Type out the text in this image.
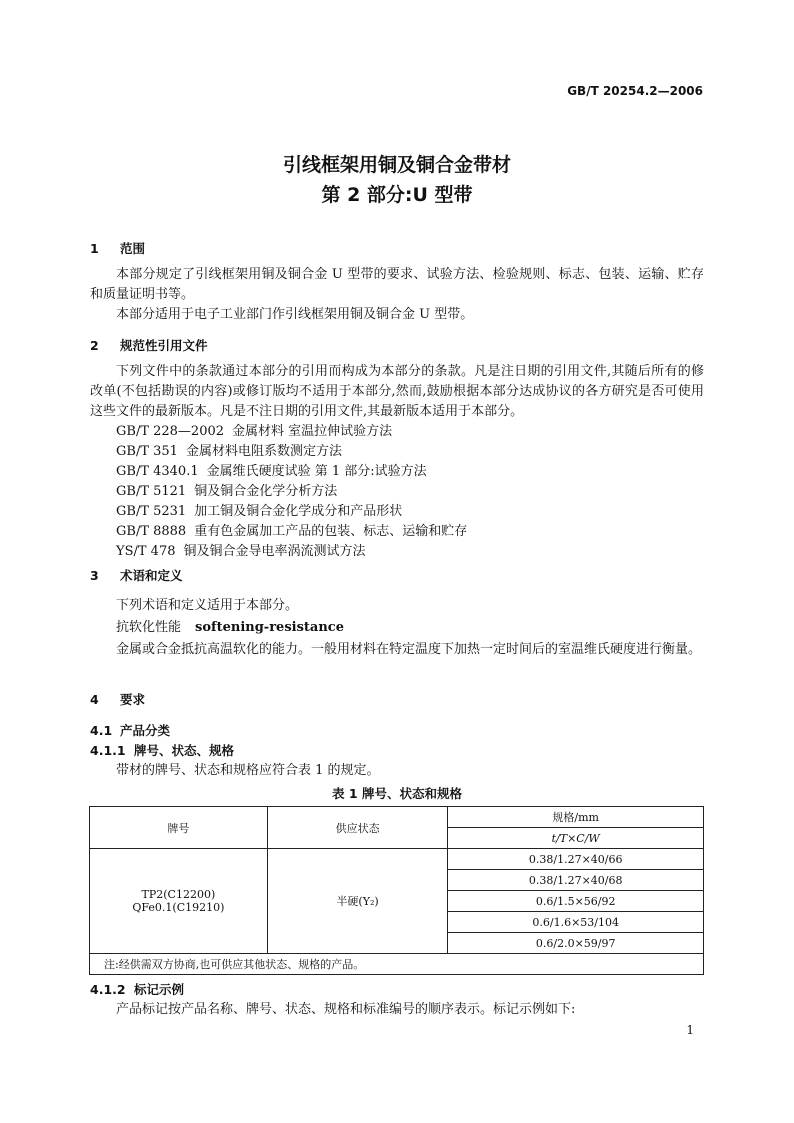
GB/T 20254.2—2006
引线框架用铜及铜合金带材
第 2 部分:U 型带
1 范围
本部分规定了引线框架用铜及铜合金 U 型带的要求、试验方法、检验规则、标志、包装、运输、贮存和质量证明书等。
本部分适用于电子工业部门作引线框架用铜及铜合金 U 型带。
2 规范性引用文件
下列文件中的条款通过本部分的引用而构成为本部分的条款。凡是注日期的引用文件,其随后所有的修改单(不包括勘误的内容)或修订版均不适用于本部分,然而,鼓励根据本部分达成协议的各方研究是否可使用这些文件的最新版本。凡是不注日期的引用文件,其最新版本适用于本部分。
GB/T 228—2002 金属材料 室温拉伸试验方法
GB/T 351 金属材料电阻系数测定方法
GB/T 4340.1 金属维氏硬度试验 第 1 部分:试验方法
GB/T 5121 铜及铜合金化学分析方法
GB/T 5231 加工铜及铜合金化学成分和产品形状
GB/T 8888 重有色金属加工产品的包装、标志、运输和贮存
YS/T 478 铜及铜合金导电率涡流测试方法
3 术语和定义
下列术语和定义适用于本部分。
抗软化性能 softening-resistance
金属或合金抵抗高温软化的能力。一般用材料在特定温度下加热一定时间后的室温维氏硬度进行衡量。
4 要求
4.1 产品分类
4.1.1 牌号、状态、规格
带材的牌号、状态和规格应符合表 1 的规定。
表 1 牌号、状态和规格
牌号	供应状态	规格/mm
		t/T×C/W

TP2(C12200)
QFe0.1(C19210)	半硬(Y₂)	0.38/1.27×40/66
		0.38/1.27×40/68
		0.6/1.5×56/92
		0.6/1.6×53/104
		0.6/2.0×59/97
注:经供需双方协商,也可供应其他状态、规格的产品。		
4.1.2 标记示例
产品标记按产品名称、牌号、状态、规格和标准编号的顺序表示。标记示例如下:
1
